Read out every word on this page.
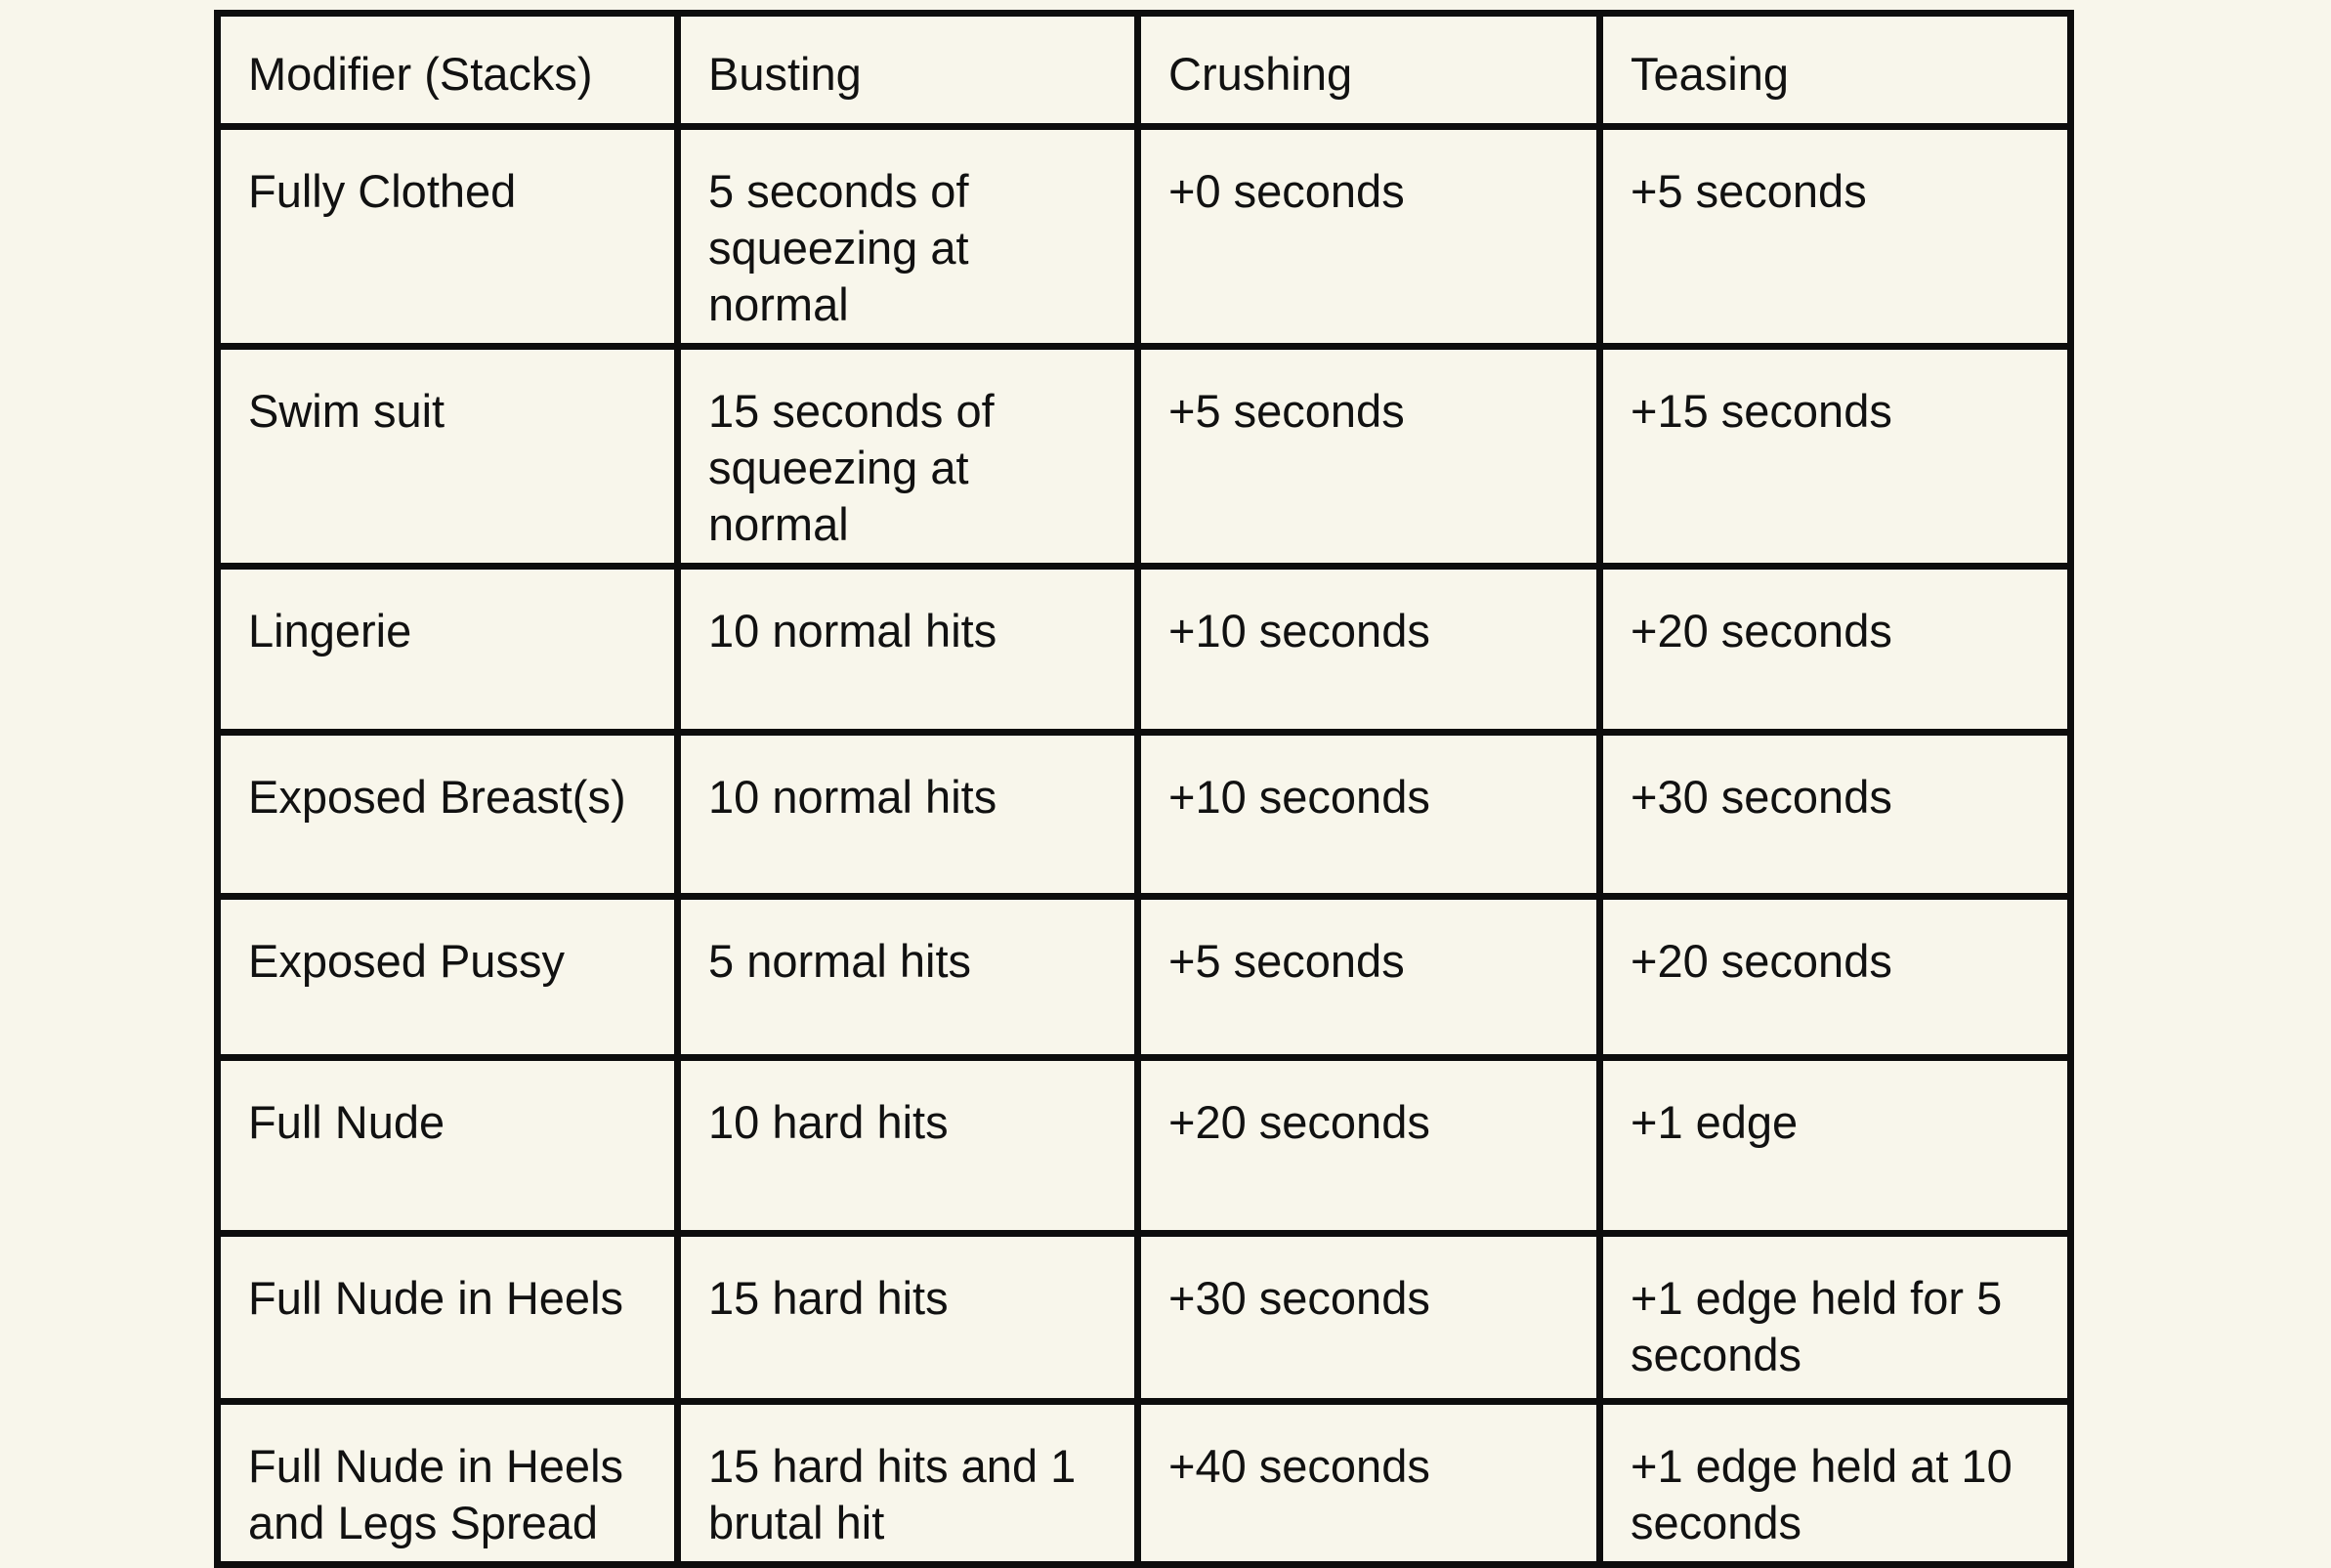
Modifier (Stacks)	Busting	Crushing	Teasing
Fully Clothed	5 seconds of squeezing at normal	+0 seconds	+5 seconds
Swim suit	15 seconds of squeezing at normal	+5 seconds	+15 seconds
Lingerie	10 normal hits	+10 seconds	+20 seconds
Exposed Breast(s)	10 normal hits	+10 seconds	+30 seconds
Exposed Pussy	5 normal hits	+5 seconds	+20 seconds
Full Nude	10 hard hits	+20 seconds	+1 edge
Full Nude in Heels	15 hard hits	+30 seconds	+1 edge held for 5 seconds
Full Nude in Heels and Legs Spread	15 hard hits and 1 brutal hit	+40 seconds	+1 edge held at 10 seconds
